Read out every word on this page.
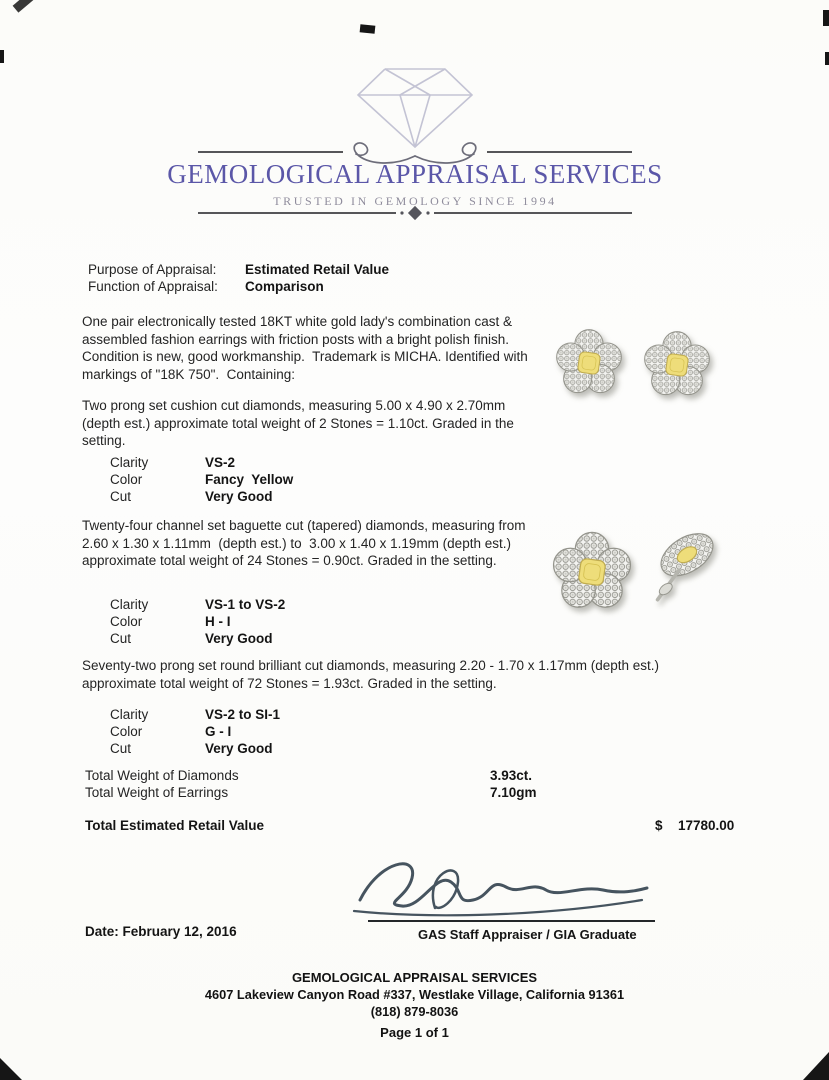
GEMOLOGICAL APPRAISAL SERVICES
TRUSTED IN GEMOLOGY SINCE 1994
Purpose of Appraisal: Estimated Retail Value
Function of Appraisal: Comparison
One pair electronically tested 18KT white gold lady's combination cast & assembled fashion earrings with friction posts with a bright polish finish. Condition is new, good workmanship.  Trademark is MICHA. Identified with markings of "18K 750".  Containing:
Two prong set cushion cut diamonds, measuring 5.00 x 4.90 x 2.70mm (depth est.) approximate total weight of 2 Stones = 1.10ct. Graded in the setting.
Clarity	VS-2
Color	Fancy  Yellow
Cut	Very Good
Twenty-four channel set baguette cut (tapered) diamonds, measuring from  2.60 x 1.30 x 1.11mm  (depth est.) to  3.00 x 1.40 x 1.19mm (depth est.) approximate total weight of 24 Stones = 0.90ct. Graded in the setting.
Clarity	VS-1 to VS-2
Color	H - I
Cut	Very Good
Seventy-two prong set round brilliant cut diamonds, measuring 2.20 - 1.70 x 1.17mm (depth est.) approximate total weight of 72 Stones = 1.93ct. Graded in the setting.
Clarity	VS-2 to SI-1
Color	G - I
Cut	Very Good
Total Weight of Diamonds	3.93ct.
Total Weight of Earrings	7.10gm
Total Estimated Retail Value	$ 17780.00
Date: February 12, 2016	GAS Staff Appraiser / GIA Graduate
GEMOLOGICAL APPRAISAL SERVICES
4607 Lakeview Canyon Road #337, Westlake Village, California 91361
(818) 879-8036
Page 1 of 1
